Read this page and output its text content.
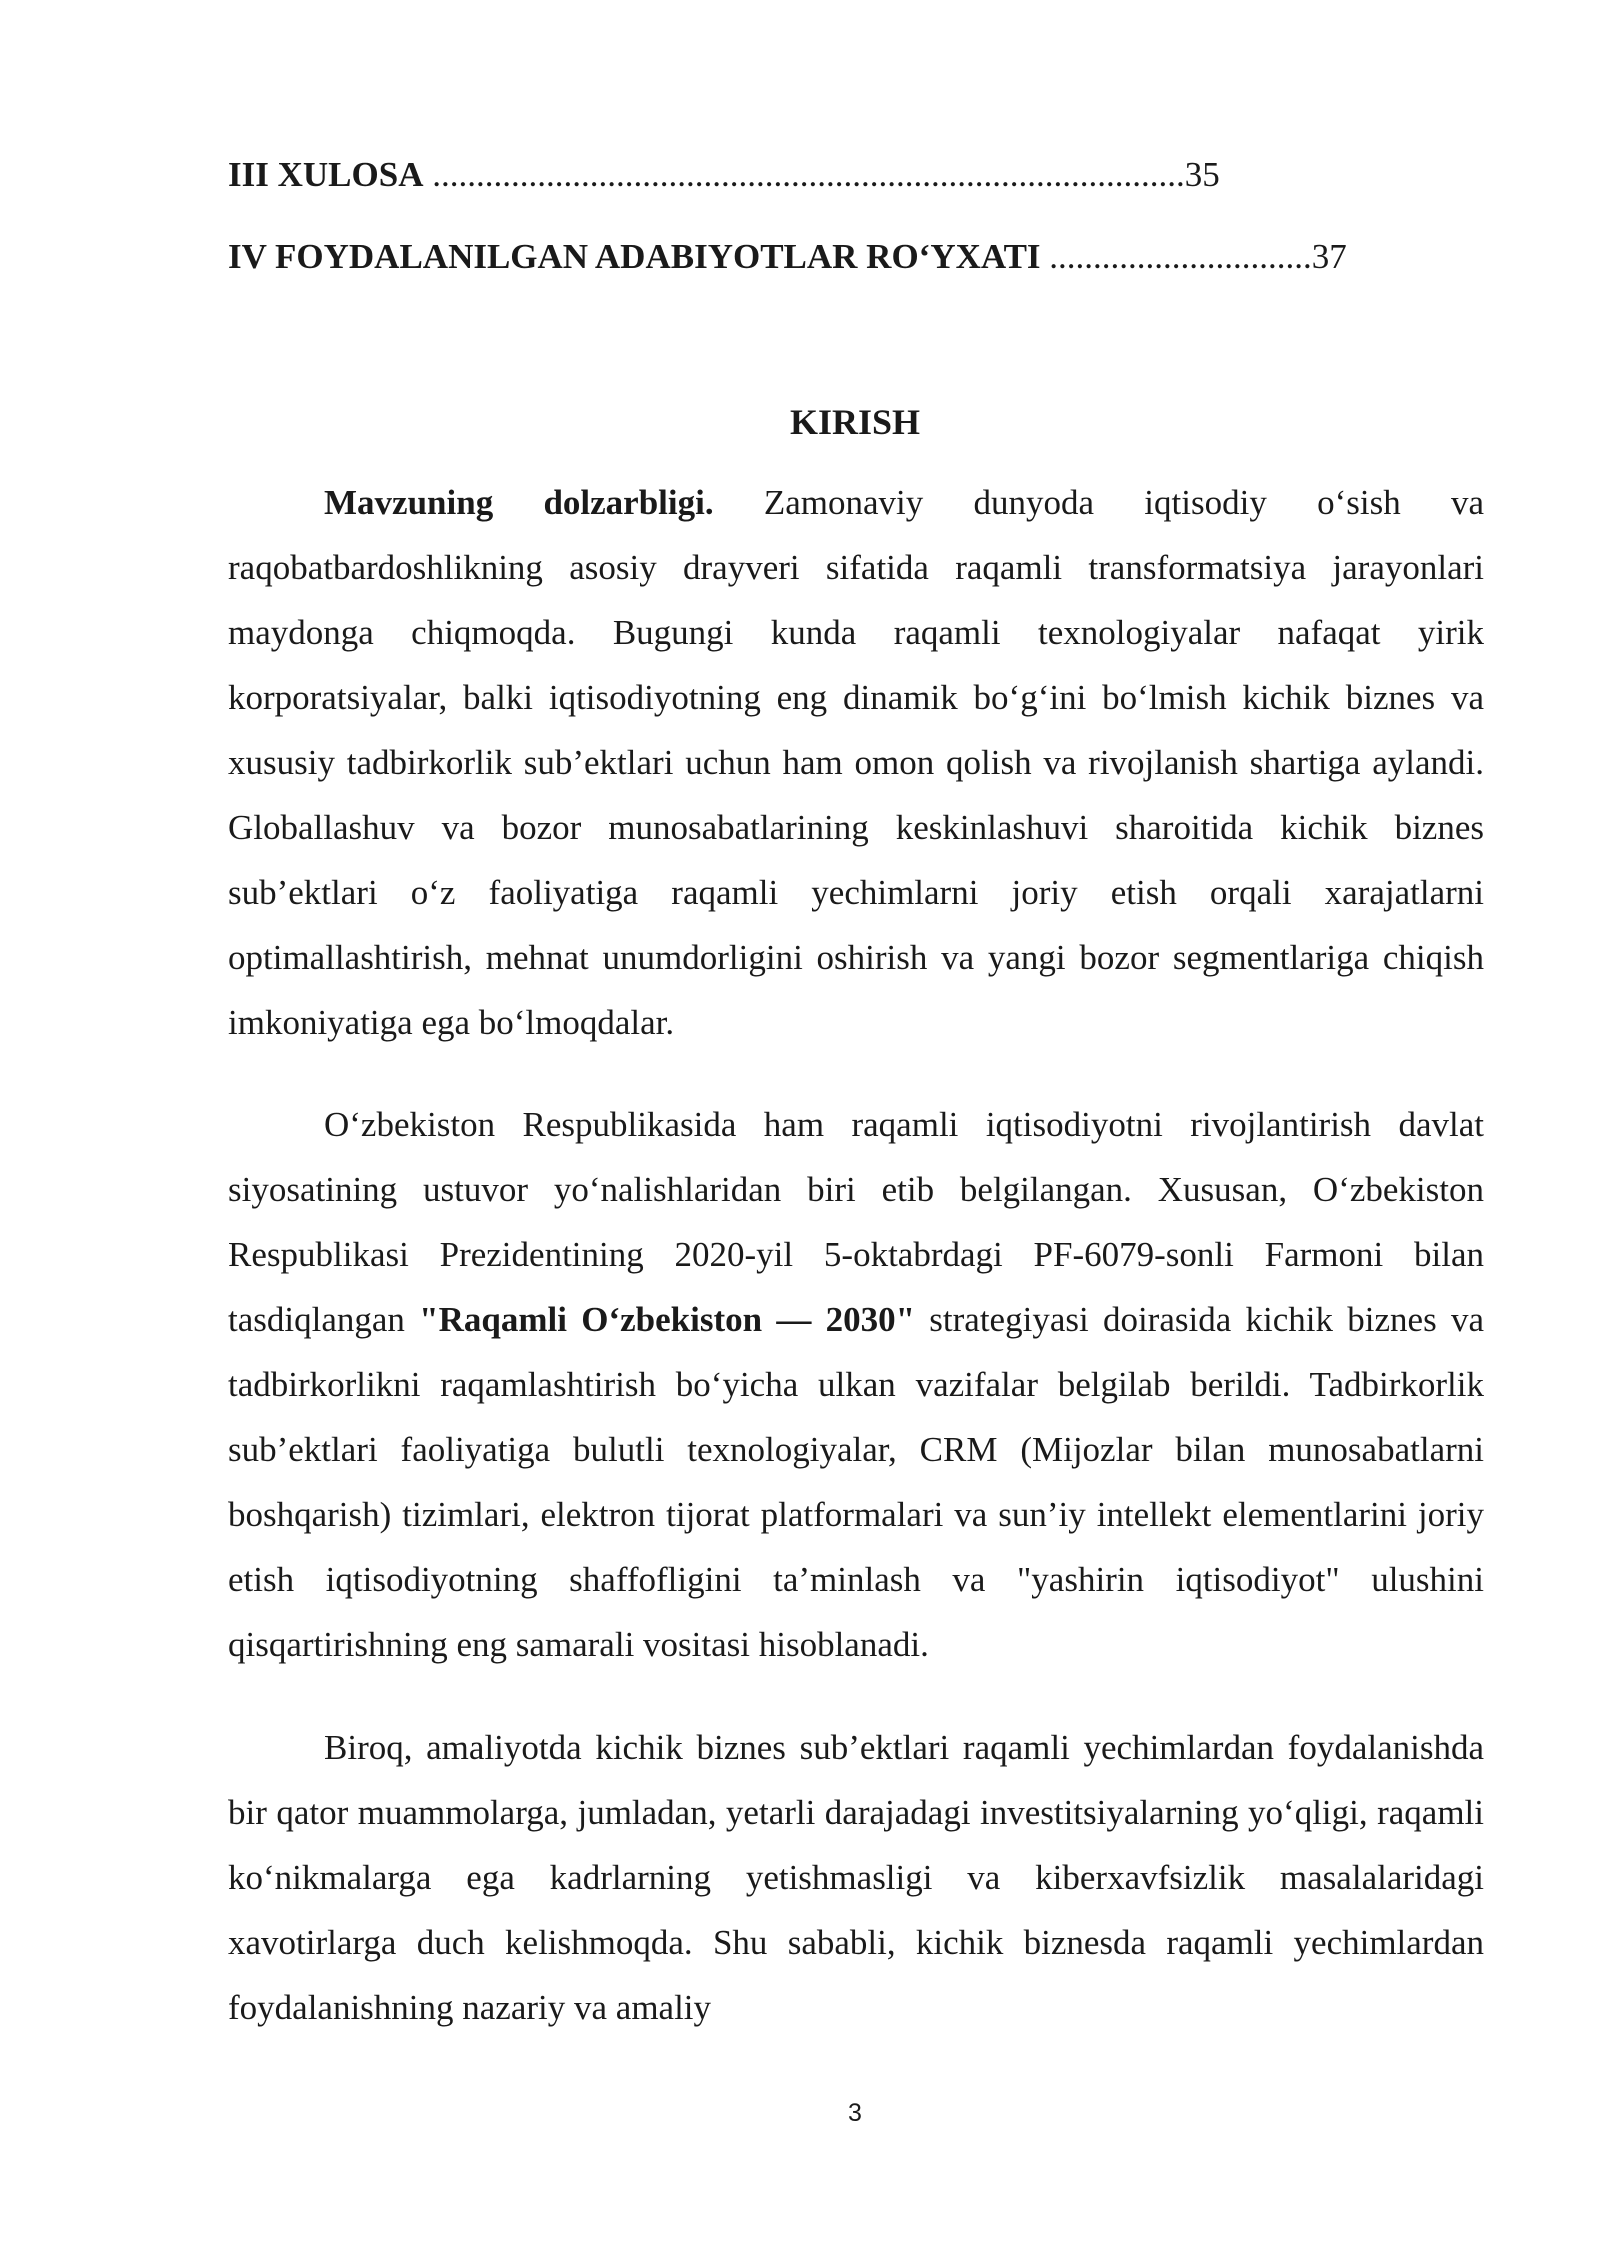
III XULOSA ......................................................................................35
IV FOYDALANILGAN ADABIYOTLAR RO‘YXATI ..............................37
KIRISH

Mavzuning dolzarbligi. Zamonaviy dunyoda iqtisodiy o‘sish va raqobatbardoshlikning asosiy drayveri sifatida raqamli transformatsiya jarayonlari maydonga chiqmoqda. Bugungi kunda raqamli texnologiyalar nafaqat yirik korporatsiyalar, balki iqtisodiyotning eng dinamik bo‘g‘ini bo‘lmish kichik biznes va xususiy tadbirkorlik sub’ektlari uchun ham omon qolish va rivojlanish shartiga aylandi. Globallashuv va bozor munosabatlarining keskinlashuvi sharoitida kichik biznes sub’ektlari o‘z faoliyatiga raqamli yechimlarni joriy etish orqali xarajatlarni optimallashtirish, mehnat unumdorligini oshirish va yangi bozor segmentlariga chiqish imkoniyatiga ega bo‘lmoqdalar.

O‘zbekiston Respublikasida ham raqamli iqtisodiyotni rivojlantirish davlat siyosatining ustuvor yo‘nalishlaridan biri etib belgilangan. Xususan, O‘zbekiston Respublikasi Prezidentining 2020-yil 5-oktabrdagi PF-6079-sonli Farmoni bilan tasdiqlangan "Raqamli O‘zbekiston — 2030" strategiyasi doirasida kichik biznes va tadbirkorlikni raqamlashtirish bo‘yicha ulkan vazifalar belgilab berildi. Tadbirkorlik sub’ektlari faoliyatiga bulutli texnologiyalar, CRM (Mijozlar bilan munosabatlarni boshqarish) tizimlari, elektron tijorat platformalari va sun’iy intellekt elementlarini joriy etish iqtisodiyotning shaffofligini ta’minlash va "yashirin iqtisodiyot" ulushini qisqartirishning eng samarali vositasi hisoblanadi.

Biroq, amaliyotda kichik biznes sub’ektlari raqamli yechimlardan foydalanishda bir qator muammolarga, jumladan, yetarli darajadagi investitsiyalarning yo‘qligi, raqamli ko‘nikmalarga ega kadrlarning yetishmasligi va kiberxavfsizlik masalalaridagi xavotirlarga duch kelishmoqda. Shu sababli, kichik biznesda raqamli yechimlardan foydalanishning nazariy va amaliy

3
